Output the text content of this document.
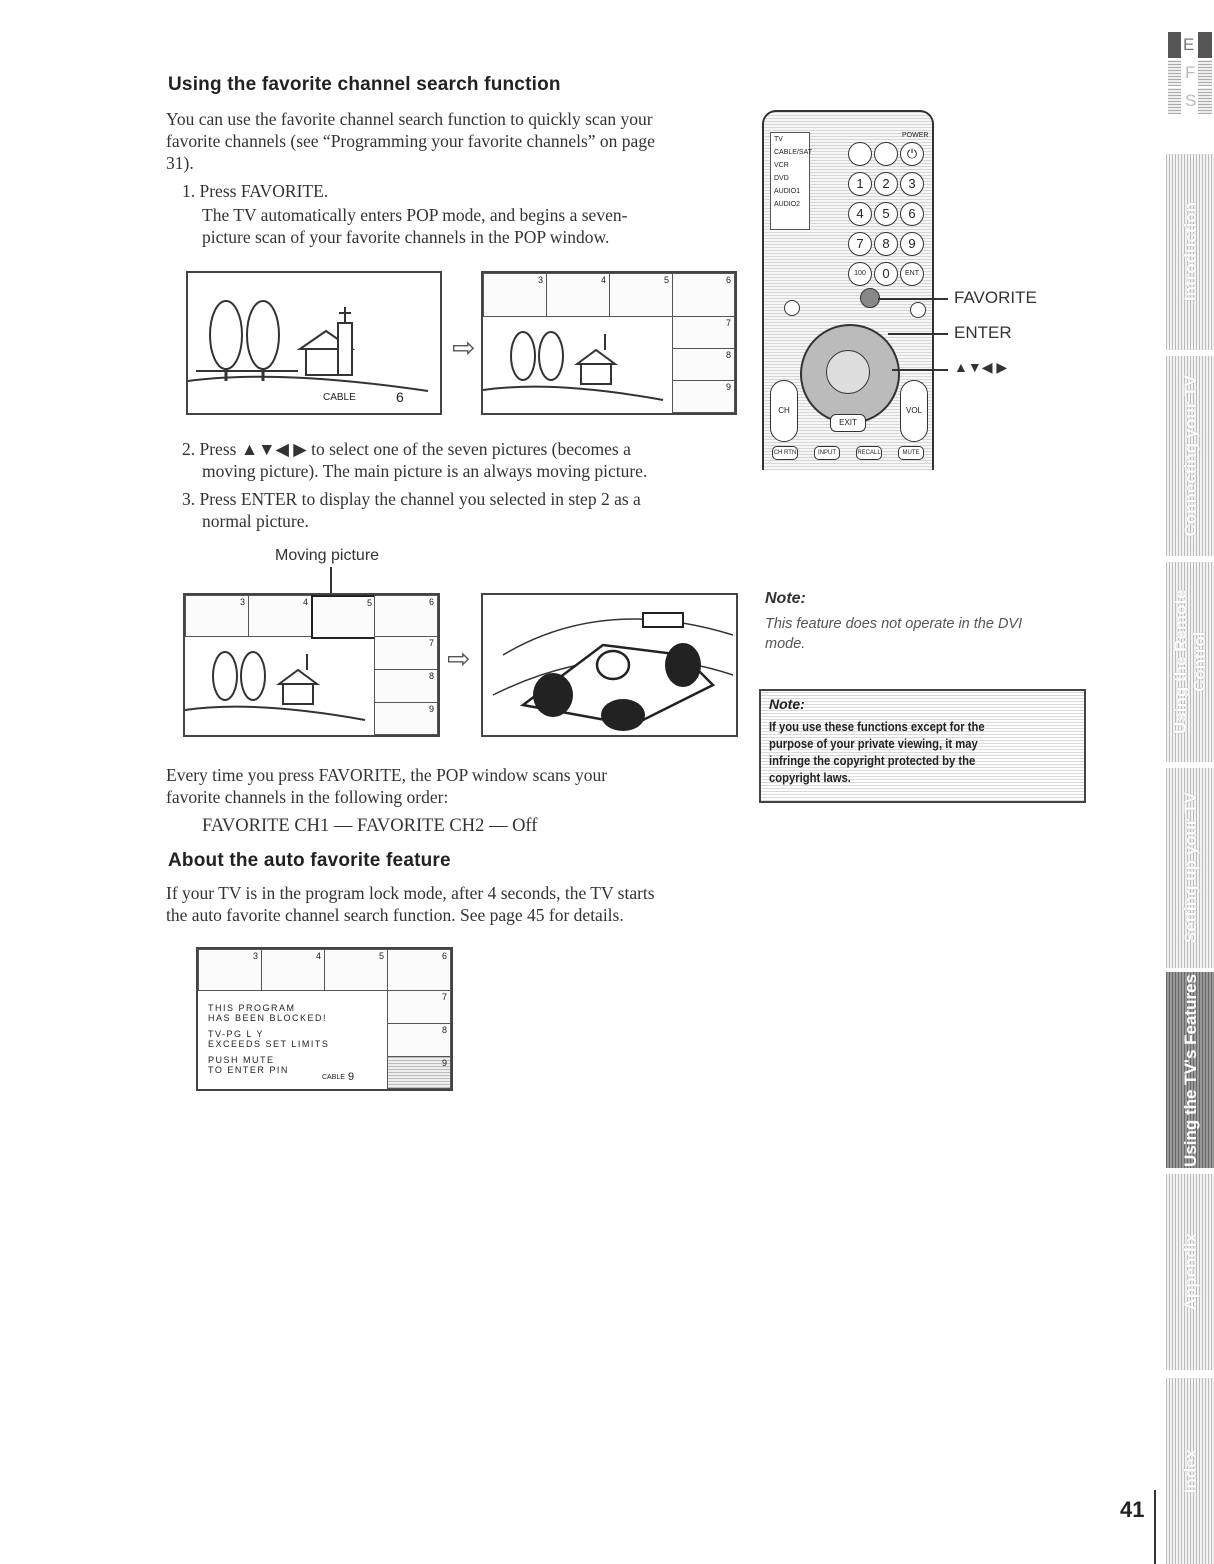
Using the favorite channel search function

You can use the favorite channel search function to quickly scan your

favorite channels (see “Programming your favorite channels” on page

31).

1. Press FAVORITE.

The TV automatically enters POP mode, and begins a seven-

picture scan of your favorite channels in the POP window.

CABLE	6
⇨
3	4	5	6
7
8
9

2. Press ▲▼◀ ▶ to select one of the seven pictures (becomes a

moving picture). The main picture is an always moving picture.

3. Press ENTER to display the channel you selected in step 2 as a

normal picture.

Moving picture
3	4	5	6
7
8
9
⇨

Every time you press FAVORITE, the POP window scans your

favorite channels in the following order:

FAVORITE CH1 — FAVORITE CH2 — Off

About the auto favorite feature

If your TV is in the program lock mode, after 4 seconds, the TV starts

the auto favorite channel search function. See page 45 for details.

3	4	5	6
7
8
9
THIS PROGRAM
HAS BEEN BLOCKED!
TV-PG L Y
EXCEEDS SET LIMITS
PUSH MUTE
TO ENTER PIN
CABLE 9
TV
CABLE/SAT
VCR
DVD
AUDIO1
AUDIO2
POWER
⏻
1	2	3
4	5	6
7	8	9
100	0	ENT
CH	VOL
EXIT
CH RTN	INPUT	RECALL	MUTE
FAVORITE
ENTER
▲▼◀ ▶
Note:
This feature does not operate in the DVI
mode.
Note:
If you use these functions except for the
purpose of your private viewing, it may
infringe the copyright protected by the
copyright laws.
E
F
S
Introduction
Connecting your TV
Using the Remote Control
Setting up your TV
Using the TV's Features
Appendix
Index
41
